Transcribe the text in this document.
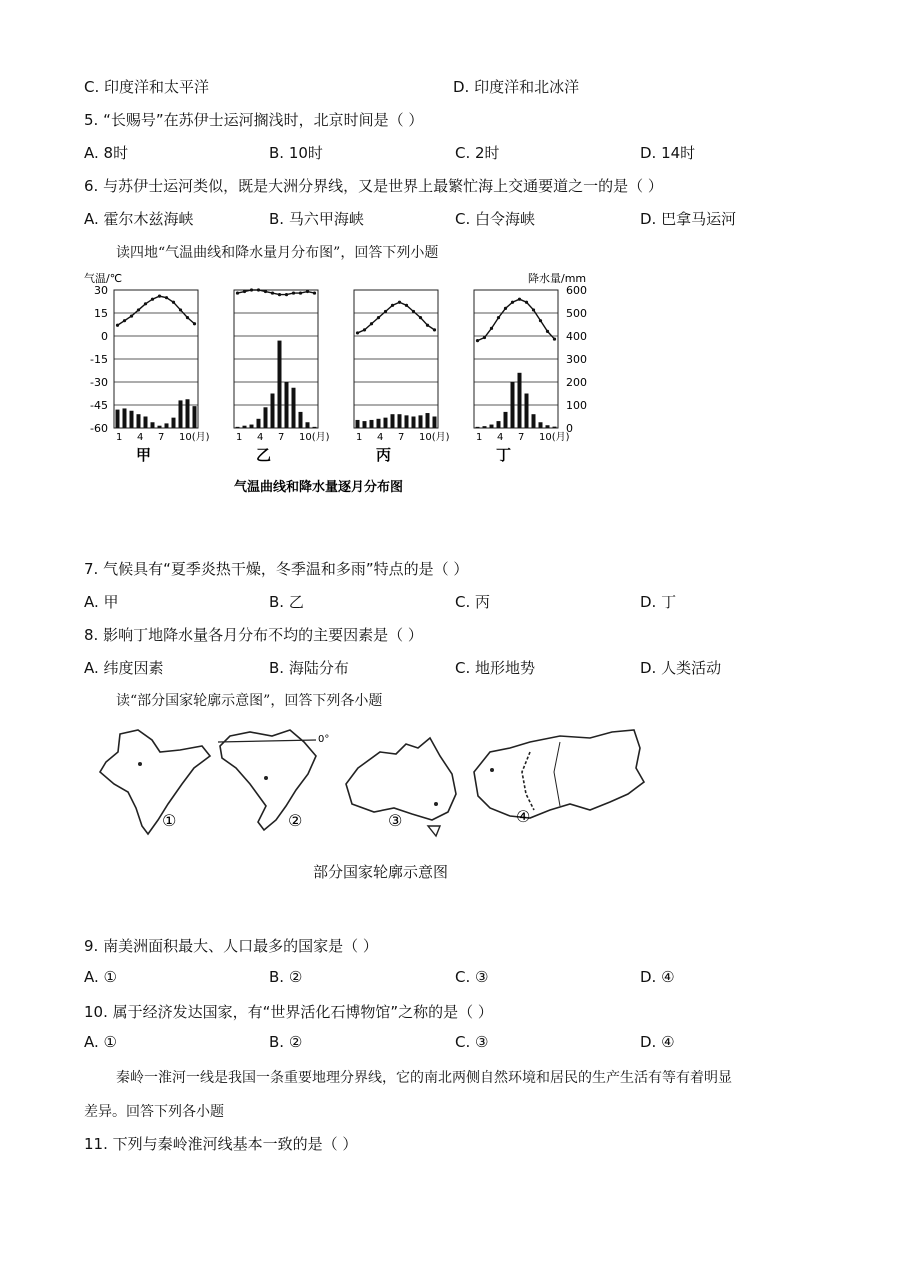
C. 印度洋和太平洋	D. 印度洋和北冰洋
5. “长赐号”在苏伊士运河搁浅时，北京时间是（ ）
A. 8时	B. 10时	C. 2时	D. 14时
6. 与苏伊士运河类似，既是大洲分界线，又是世界上最繁忙海上交通要道之一的是（ ）
A. 霍尔木兹海峡	B. 马六甲海峡	C. 白令海峡	D. 巴拿马运河
读四地“气温曲线和降水量月分布图”，回答下列小题
气温/℃	降水量/mm
30
15
0
-15
-30
-45
-60
600
500
400
300
200
100
0
1 4 7 10(月)
甲
1 4 7 10(月)
乙
1 4 7 10(月)
丙
1 4 7 10(月)
丁
气温曲线和降水量逐月分布图
7. 气候具有“夏季炎热干燥，冬季温和多雨”特点的是（ ）
A. 甲	B. 乙	C. 丙	D. 丁
8. 影响丁地降水量各月分布不均的主要因素是（ ）
A. 纬度因素	B. 海陆分布	C. 地形地势	D. 人类活动
读“部分国家轮廓示意图”，回答下列各小题
①
0°
②	③	④
部分国家轮廓示意图
9. 南美洲面积最大、人口最多的国家是（ ）
A. ①	B. ②	C. ③	D. ④
10. 属于经济发达国家，有“世界活化石博物馆”之称的是（ ）
A. ①	B. ②	C. ③	D. ④
秦岭一淮河一线是我国一条重要地理分界线，它的南北两侧自然环境和居民的生产生活有等有着明显
差异。回答下列各小题
11. 下列与秦岭淮河线基本一致的是（ ）
